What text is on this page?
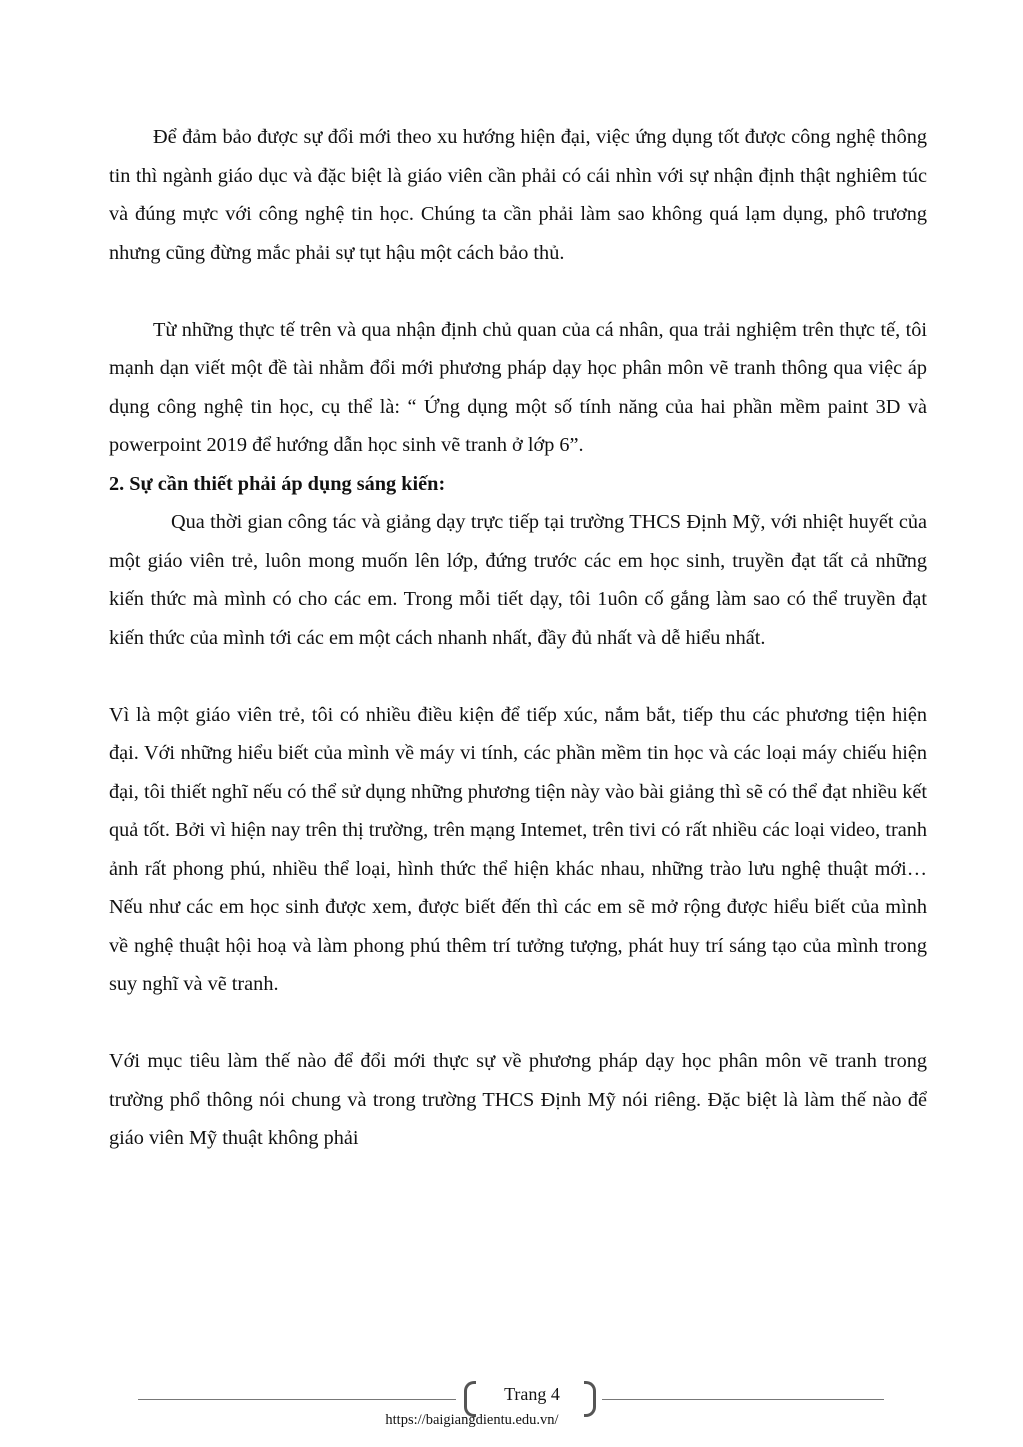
Để đảm bảo được sự đổi mới theo xu hướng hiện đại, việc ứng dụng tốt được công nghệ thông tin thì ngành giáo dục và đặc biệt là giáo viên cần phải có cái nhìn với sự nhận định thật nghiêm túc và đúng mực với công nghệ tin học. Chúng ta cần phải làm sao không quá lạm dụng, phô trương nhưng cũng đừng mắc phải sự tụt hậu một cách bảo thủ.

Từ những thực tế trên và qua nhận định chủ quan của cá nhân, qua trải nghiệm trên thực tế, tôi mạnh dạn viết một đề tài nhằm đổi mới phương pháp dạy học phân môn vẽ tranh thông qua việc áp dụng công nghệ tin học, cụ thể là: “ Ứng dụng một số tính năng của hai phần mềm paint 3D và powerpoint 2019 để hướng dẫn học sinh vẽ tranh ở lớp 6”.

2. Sự cần thiết phải áp dụng sáng kiến:

Qua thời gian công tác và giảng dạy trực tiếp tại trường THCS Định Mỹ, với nhiệt huyết của một giáo viên trẻ, luôn mong muốn lên lớp, đứng trước các em học sinh, truyền đạt tất cả những kiến thức mà mình có cho các em. Trong mỗi tiết dạy, tôi 1uôn cố gắng làm sao có thể truyền đạt kiến thức của mình tới các em một cách nhanh nhất, đầy đủ nhất và dễ hiểu nhất.

Vì là một giáo viên trẻ, tôi có nhiều điều kiện để tiếp xúc, nắm bắt, tiếp thu các phương tiện hiện đại. Với những hiểu biết của mình về máy vi tính, các phần mềm tin học và các loại máy chiếu hiện đại, tôi thiết nghĩ nếu có thể sử dụng những phương tiện này vào bài giảng thì sẽ có thể đạt nhiều kết quả tốt. Bởi vì hiện nay trên thị trường, trên mạng Intemet, trên tivi có rất nhiều các loại video, tranh ảnh rất phong phú, nhiều thể loại, hình thức thể hiện khác nhau, những trào lưu nghệ thuật mới… Nếu như các em học sinh được xem, được biết đến thì các em sẽ mở rộng được hiểu biết của mình về nghệ thuật hội hoạ và làm phong phú thêm trí tưởng tượng, phát huy trí sáng tạo của mình trong suy nghĩ và vẽ tranh.

Với mục tiêu làm thế nào để đổi mới thực sự về phương pháp dạy học phân môn vẽ tranh trong trường phổ thông nói chung và trong trường THCS Định Mỹ nói riêng. Đặc biệt là làm thế nào để giáo viên Mỹ thuật không phải

Trang 4
https://baigiangdientu.edu.vn/
